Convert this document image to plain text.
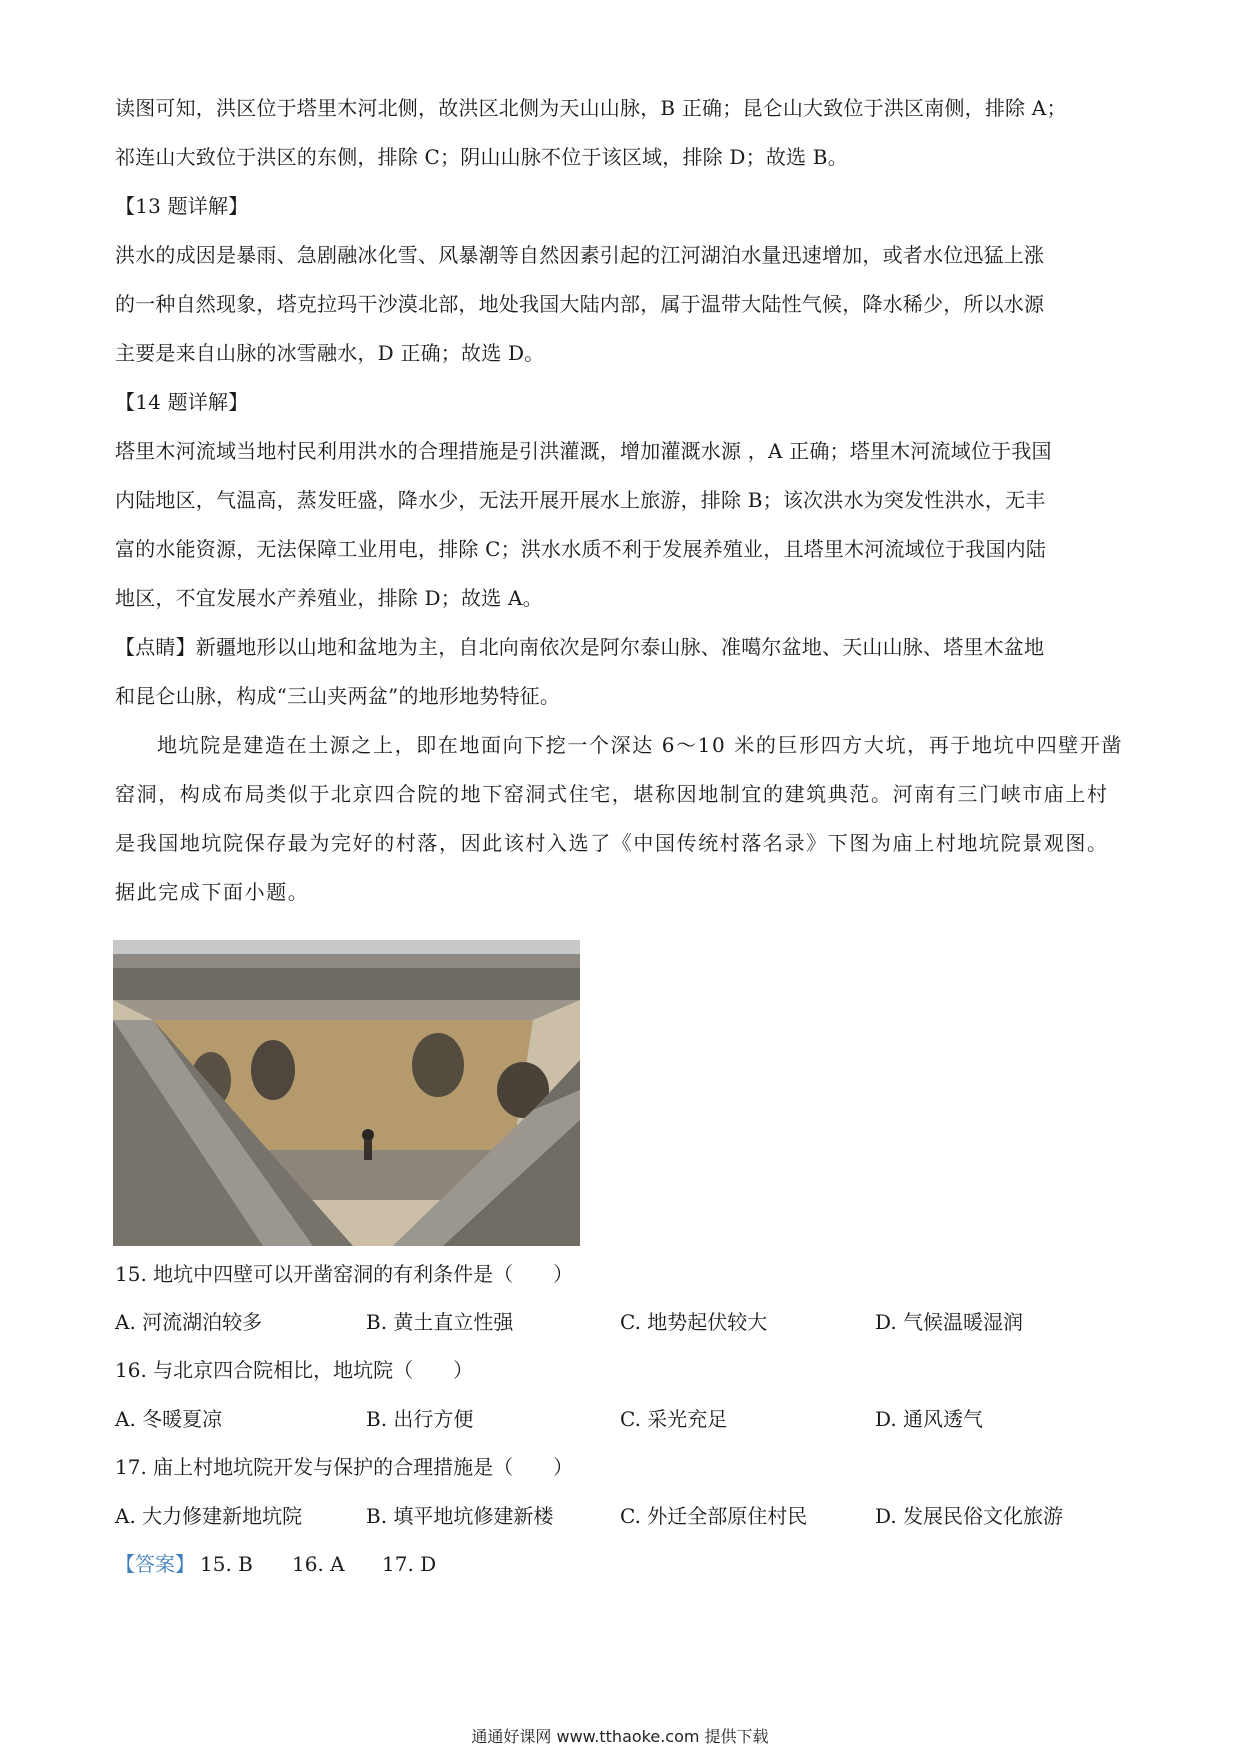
读图可知，洪区位于塔里木河北侧，故洪区北侧为天山山脉，B 正确；昆仑山大致位于洪区南侧，排除 A；
祁连山大致位于洪区的东侧，排除 C；阴山山脉不位于该区域，排除 D；故选 B。
【13 题详解】
洪水的成因是暴雨、急剧融冰化雪、风暴潮等自然因素引起的江河湖泊水量迅速增加，或者水位迅猛上涨
的一种自然现象，塔克拉玛干沙漠北部，地处我国大陆内部，属于温带大陆性气候，降水稀少，所以水源
主要是来自山脉的冰雪融水，D 正确；故选 D。
【14 题详解】
塔里木河流域当地村民利用洪水的合理措施是引洪灌溉，增加灌溉水源 ，A 正确；塔里木河流域位于我国
内陆地区，气温高，蒸发旺盛，降水少，无法开展开展水上旅游，排除 B；该次洪水为突发性洪水，无丰
富的水能资源，无法保障工业用电，排除 C；洪水水质不利于发展养殖业，且塔里木河流域位于我国内陆
地区，不宜发展水产养殖业，排除 D；故选 A。
【点睛】新疆地形以山地和盆地为主，自北向南依次是阿尔泰山脉、准噶尔盆地、天山山脉、塔里木盆地
和昆仑山脉，构成“三山夹两盆”的地形地势特征。
地坑院是建造在土源之上，即在地面向下挖一个深达 6～10 米的巨形四方大坑，再于地坑中四壁开凿
窑洞，构成布局类似于北京四合院的地下窑洞式住宅，堪称因地制宜的建筑典范。河南有三门峡市庙上村
是我国地坑院保存最为完好的村落，因此该村入选了《中国传统村落名录》下图为庙上村地坑院景观图。
据此完成下面小题。
15. 地坑中四壁可以开凿窑洞的有利条件是（　　）
A. 河流湖泊较多	B. 黄土直立性强	C. 地势起伏较大	D. 气候温暖湿润
16. 与北京四合院相比，地坑院（　　）
A. 冬暖夏凉	B. 出行方便	C. 采光充足	D. 通风透气
17. 庙上村地坑院开发与保护的合理措施是（　　）
A. 大力修建新地坑院	B. 填平地坑修建新楼	C. 外迁全部原住村民	D. 发展民俗文化旅游
【答案】 15. B 16. A 17. D
通通好课网 www.tthaoke.com 提供下载
